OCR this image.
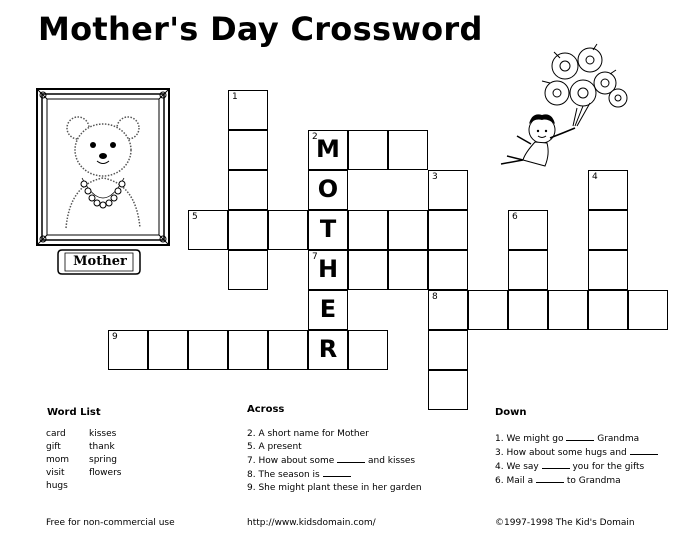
Mother's Day Crossword
Mother
1
2
M
O	3	4
5	T	6
7 H
E	8
9	R
Word List
card
gift
mom
visit
hugs
kisses
thank
spring
flowers
Across
2. A short name for Mother
5. A present
7. How about some	and kisses
8. The season is
9. She might plant these in her garden
Down
1. We might go	Grandma
3. How about some hugs and
4. We say	you for the gifts
6. Mail a	to Grandma
Free for non-commercial use	http://www.kidsdomain.com/	©1997-1998 The Kid's Domain
